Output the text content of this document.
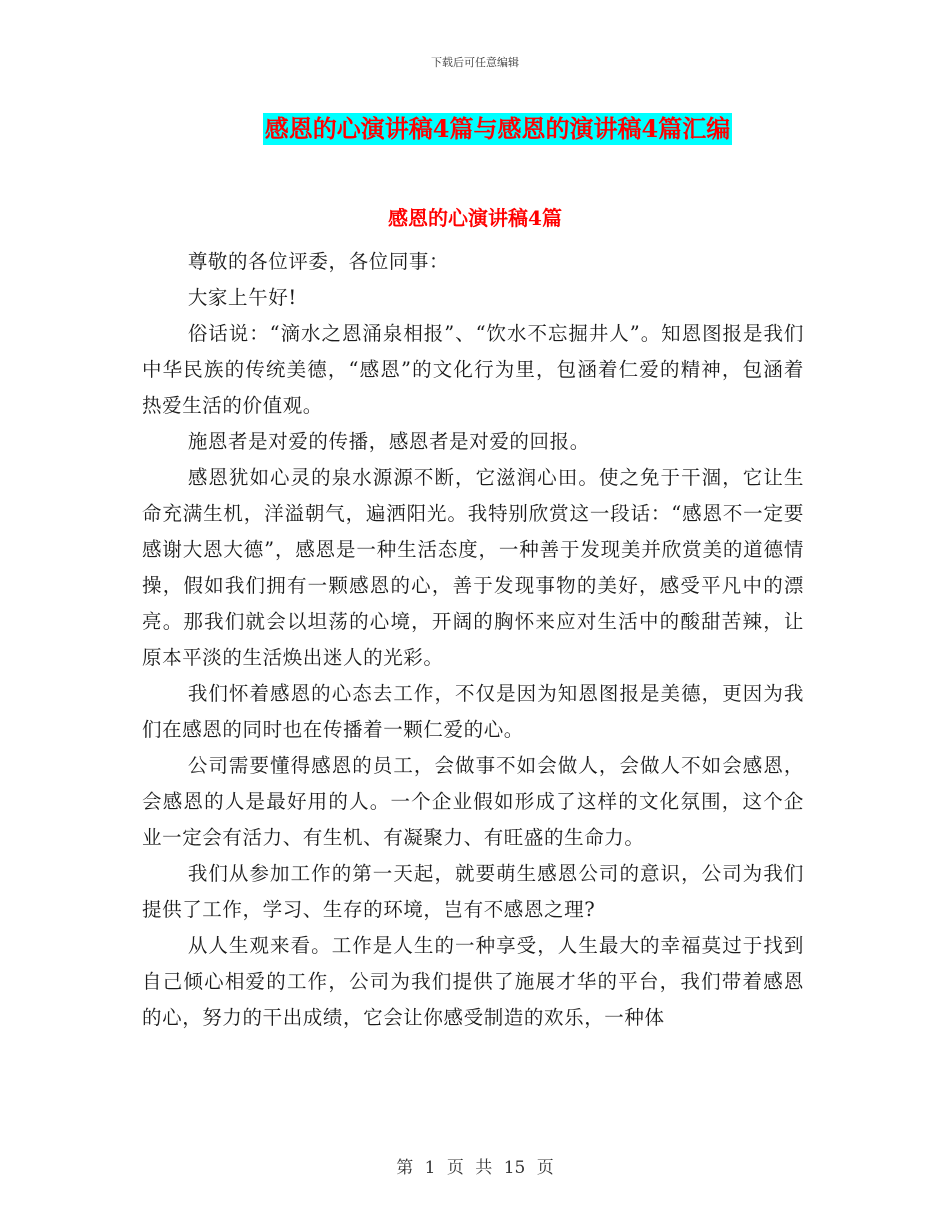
下载后可任意编辑
感恩的心演讲稿4篇与感恩的演讲稿4篇汇编
感恩的心演讲稿4篇

尊敬的各位评委，各位同事：

大家上午好!

俗话说：“滴水之恩涌泉相报”、“饮水不忘掘井人”。知恩图报是我们中华民族的传统美德，“感恩”的文化行为里，包涵着仁爱的精神，包涵着热爱生活的价值观。

施恩者是对爱的传播，感恩者是对爱的回报。

感恩犹如心灵的泉水源源不断，它滋润心田。使之免于干涸，它让生命充满生机，洋溢朝气，遍洒阳光。我特别欣赏这一段话：“感恩不一定要感谢大恩大德”，感恩是一种生活态度，一种善于发现美并欣赏美的道德情操，假如我们拥有一颗感恩的心，善于发现事物的美好，感受平凡中的漂亮。那我们就会以坦荡的心境，开阔的胸怀来应对生活中的酸甜苦辣，让原本平淡的生活焕出迷人的光彩。

我们怀着感恩的心态去工作，不仅是因为知恩图报是美德，更因为我们在感恩的同时也在传播着一颗仁爱的心。

公司需要懂得感恩的员工，会做事不如会做人，会做人不如会感恩，会感恩的人是最好用的人。一个企业假如形成了这样的文化氛围，这个企业一定会有活力、有生机、有凝聚力、有旺盛的生命力。

我们从参加工作的第一天起，就要萌生感恩公司的意识，公司为我们提供了工作，学习、生存的环境，岂有不感恩之理?

从人生观来看。工作是人生的一种享受，人生最大的幸福莫过于找到自己倾心相爱的工作，公司为我们提供了施展才华的平台，我们带着感恩的心，努力的干出成绩，它会让你感受制造的欢乐，一种体

第 1 页 共 15 页
